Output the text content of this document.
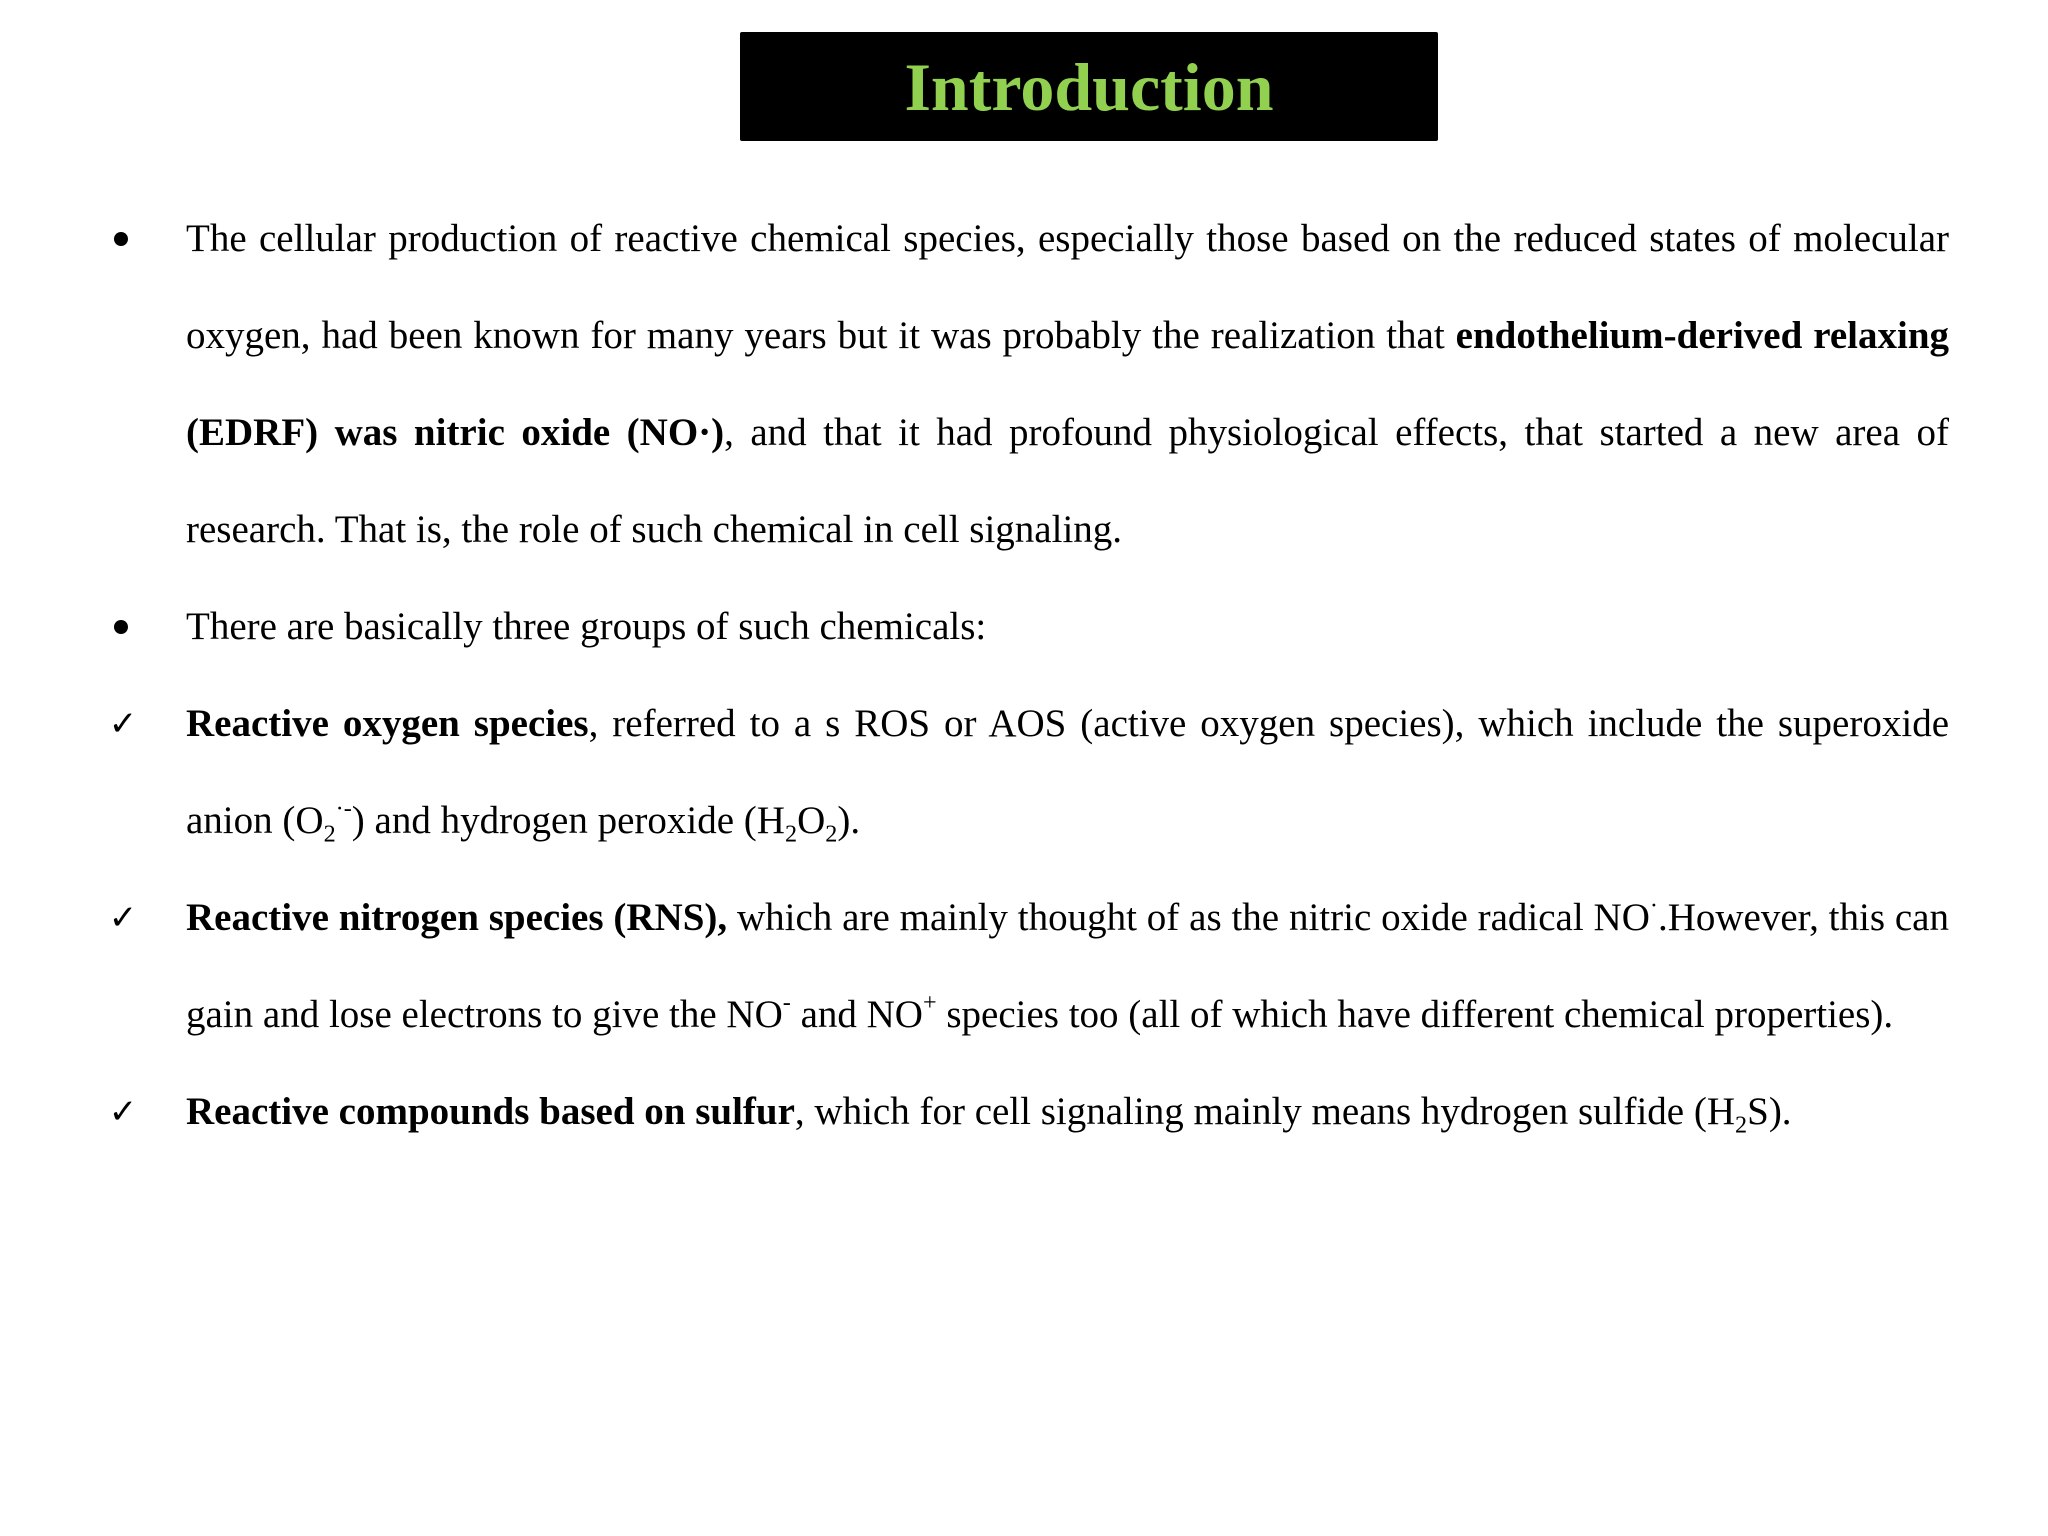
Introduction
The cellular production of reactive chemical species, especially those based on the reduced states of molecular oxygen, had been known for many years but it was probably the realization that endothelium-derived relaxing (EDRF) was nitric oxide (NO·), and that it had profound physiological effects, that started a new area of research. That is, the role of such chemical in cell signaling.
There are basically three groups of such chemicals:
✓ Reactive oxygen species, referred to a s ROS or AOS (active oxygen species), which include the superoxide anion $(O_2^{\cdot-})$ and hydrogen peroxide $(H_2O_2)$.
✓ Reactive nitrogen species (RNS), which are mainly thought of as the nitric oxide radical NO·.However, this can gain and lose electrons to give the NO- and NO+ species too (all of which have different chemical properties).
✓ Reactive compounds based on sulfur, which for cell signaling mainly means hydrogen sulfide $(H_2S)$.
